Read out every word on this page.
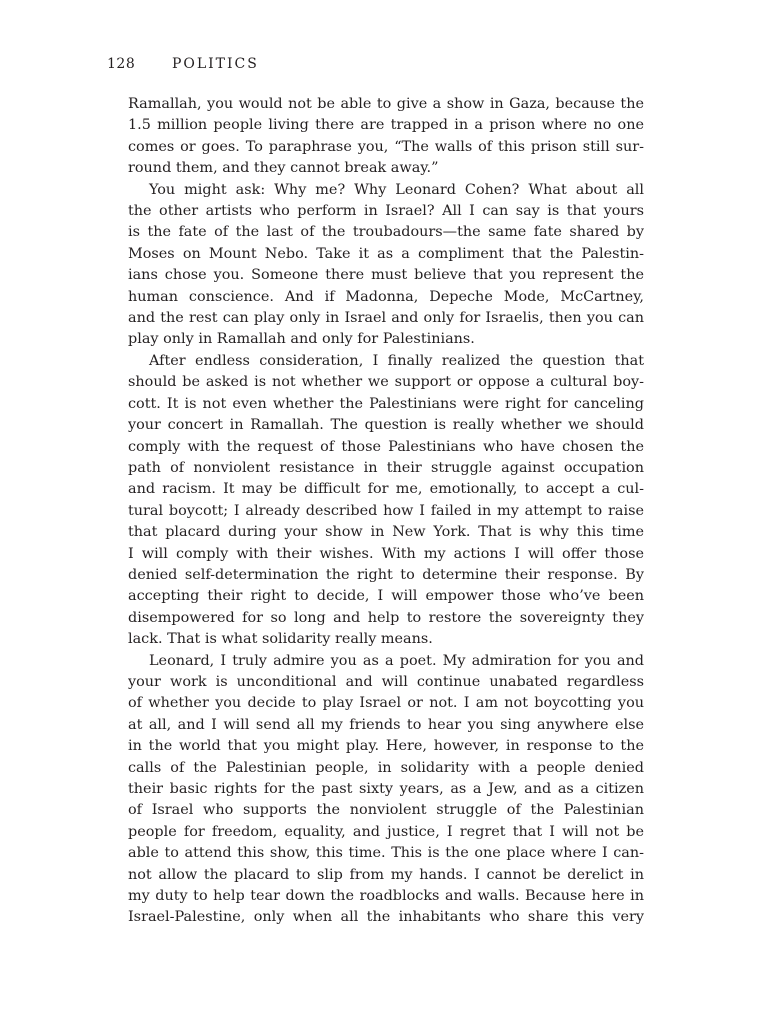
128	POLITICS
Ramallah, you would not be able to give a show in Gaza, because the
1.5 million people living there are trapped in a prison where no one
comes or goes. To paraphrase you, “The walls of this prison still sur-
round them, and they cannot break away.”
You might ask: Why me? Why Leonard Cohen? What about all
the other artists who perform in Israel? All I can say is that yours
is the fate of the last of the troubadours—the same fate shared by
Moses on Mount Nebo. Take it as a compliment that the Palestin-
ians chose you. Someone there must believe that you represent the
human conscience. And if Madonna, Depeche Mode, McCartney,
and the rest can play only in Israel and only for Israelis, then you can
play only in Ramallah and only for Palestinians.
After endless consideration, I finally realized the question that
should be asked is not whether we support or oppose a cultural boy-
cott. It is not even whether the Palestinians were right for canceling
your concert in Ramallah. The question is really whether we should
comply with the request of those Palestinians who have chosen the
path of nonviolent resistance in their struggle against occupation
and racism. It may be difficult for me, emotionally, to accept a cul-
tural boycott; I already described how I failed in my attempt to raise
that placard during your show in New York. That is why this time
I will comply with their wishes. With my actions I will offer those
denied self-determination the right to determine their response. By
accepting their right to decide, I will empower those who’ve been
disempowered for so long and help to restore the sovereignty they
lack. That is what solidarity really means.
Leonard, I truly admire you as a poet. My admiration for you and
your work is unconditional and will continue unabated regardless
of whether you decide to play Israel or not. I am not boycotting you
at all, and I will send all my friends to hear you sing anywhere else
in the world that you might play. Here, however, in response to the
calls of the Palestinian people, in solidarity with a people denied
their basic rights for the past sixty years, as a Jew, and as a citizen
of Israel who supports the nonviolent struggle of the Palestinian
people for freedom, equality, and justice, I regret that I will not be
able to attend this show, this time. This is the one place where I can-
not allow the placard to slip from my hands. I cannot be derelict in
my duty to help tear down the roadblocks and walls. Because here in
Israel-Palestine, only when all the inhabitants who share this very
